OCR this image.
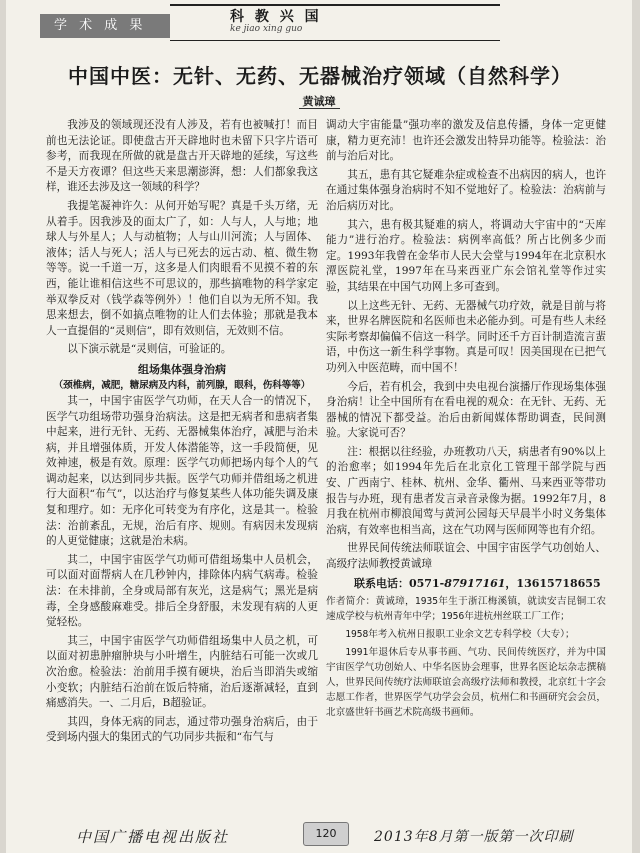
学 术 成 果
科 教 兴 国
ke jiao xing guo
中国中医：无针、无药、无器械治疗领域（自然科学）
黄诚璋

我涉及的领域现还没有人涉及，若有也被喊打！而目前也无法论证。即使盘古开天辟地时也未留下只字片语可参考，而我现在所做的就是盘古开天辟地的延续，写这些不是天方夜谭？但这些天来思潮澎湃，想：人们都象我这样，谁还去涉及这一领域的科学？

我提笔凝神许久：从何开始写呢？真是千头万绪，无从着手。因我涉及的面太广了，如：人与人，人与地；地球人与外星人；人与动植物；人与山川河流；人与固体、液体；活人与死人；活人与已死去的远古动、植、微生物等等。说一千道一万，这多是人们肉眼看不见摸不着的东西，能让谁相信这些不可思议的，那些搞唯物的科学家定举双拳反对（钱学森等例外）！他们自以为无所不知。我思来想去，倒不如搞点唯物的让人们去体验；那就是我本人一直提倡的“灵则信”，即有效则信，无效则不信。

以下演示就是“灵则信，可验证的。

组场集体强身治病
（颈椎病，减肥，糖尿病及内科，前列腺，眼科，伤科等等）

其一，中国宇宙医学气功师，在天人合一的情况下，医学气功组场带功强身治病法。这是把无病者和患病者集中起来，进行无针、无药、无器械集体治疗，减肥与治未病，并且增强体质，开发人体潜能等，这一手段简便，见效神速，极是有效。原理：医学气功师把场内每个人的气调动起来，以达到同步共振。医学气功师并借组场之机进行大面积“布气”，以达治疗与修复某些人体功能失调及康复和理疗。如：无序化可转变为有序化，这是其一。检验法：治前紊乱，无规，治后有序、规则。有病因未发现病的人更觉健康；这就是治未病。

其二，中国宇宙医学气功师可借组场集中人员机会，可以面对面帮病人在几秒钟内，排除体内病气病毒。检验法：在未排前，全身或局部有灰光，这是病气；黑光是病毒，全身感酸麻难受。排后全身舒服，未发现有病的人更觉轻松。

其三，中国宇宙医学气功师借组场集中人员之机，可以面对初患肿瘤肿块与小叶增生，内脏结石可能一次或几次治愈。检验法：治前用手摸有硬块，治后当即消失或缩小变软；内脏结石治前在饭后特痛，治后逐渐减轻，直到痛感消失。一、二月后，B超验证。

其四，身体无病的同志，通过带功强身治病后，由于受到场内强大的集团式的气功同步共振和“布气与

调动大宇宙能量”强功率的激发及信息传播，身体一定更健康，精力更充沛！也许还会激发出特异功能等。检验法：治前与治后对比。

其五，患有其它疑难杂症或检查不出病因的病人，也许在通过集体强身治病时不知不觉地好了。检验法：治病前与治后病历对比。

其六，患有极其疑难的病人，将调动大宇宙中的“天库能力”进行治疗。检验法：病例率高低？所占比例多少而定。1993年我曾在金华市人民大会堂与1994年在北京积水潭医院礼堂，1997年在马来西亚广东会馆礼堂等作过实验，其结果在中国气功网上多可查到。

以上这些无针、无药、无器械气功疗效，就是目前与将来，世界名牌医院和名医师也未必能办到。可是有些人未经实际考察却偏偏不信这一科学。同时还千方百计制造流言蜚语，中伤这一新生科学事物。真是可叹！因美国现在已把气功列入中医范畴，而中国不！

今后，若有机会，我到中央电视台演播厅作现场集体强身治病！让全中国所有在看电视的观众：在无针、无药、无器械的情况下都受益。治后由新闻媒体帮助调查，民间测验。大家说可否？

注：根据以往经验，办班教功八天，病患者有90%以上的治愈率；如1994年先后在北京化工管理干部学院与西安、广西南宁、桂林、杭州、金华、衢州、马来西亚等带功报告与办班，现有患者发言录音录像为据。1992年7月，8月我在杭州市柳浪闻莺与黄河公园每天早晨半小时义务集体治病，有效率也相当高，这在气功网与医师网等也有介绍。

世界民间传统法师联谊会、中国宇宙医学气功创始人、高级疗法师教授黄诚璋

联系电话：0571-87917161，13615718655

作者简介：黄诚璋，1935年生于浙江梅溪镇，就读安吉昆铜工农速成学校与杭州青年中学；1956年进杭州丝联工厂工作；

1958年考入杭州日报职工业余文艺专科学校（大专）；

1991年退休后专从事书画、气功、民间传统医疗，并为中国宇宙医学气功创始人、中华名医协会理事，世界名医论坛杂志撰稿人，世界民间传统疗法师联谊会高级疗法师和教授，北京红十字会志愿工作者，世界医学气功学会会员，杭州仁和书画研究会会员，北京盛世轩书画艺术院高级书画师。

中国广播电视出版社	120	2013年8月第一版第一次印刷
